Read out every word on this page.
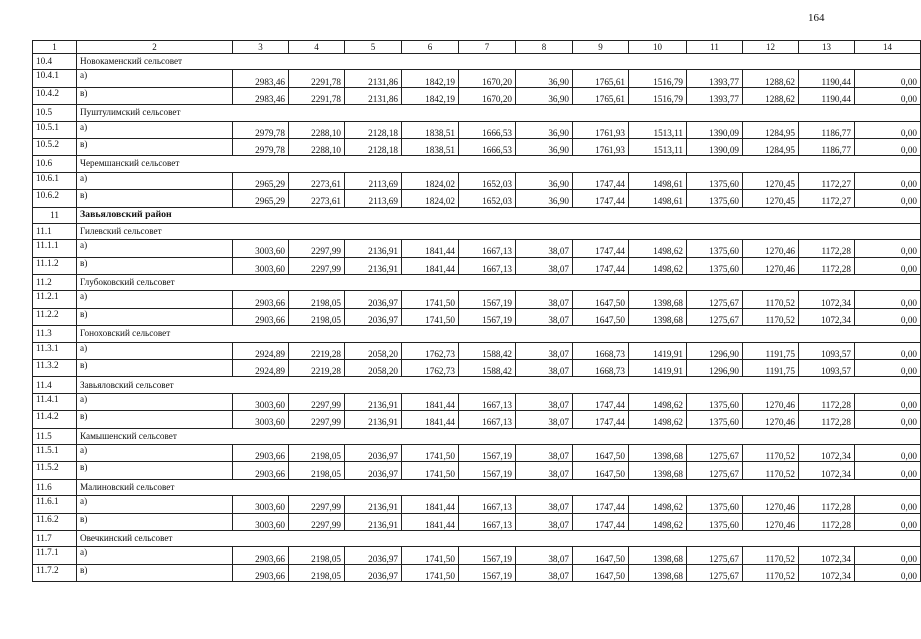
164
1	2	3	4	5	6	7	8	9	10	11	12	13	14
10.4	Новокаменский сельсовет												
10.4.1	а)	2983,46	2291,78	2131,86	1842,19	1670,20	36,90	1765,61	1516,79	1393,77	1288,62	1190,44	0,00
10.4.2	в)	2983,46	2291,78	2131,86	1842,19	1670,20	36,90	1765,61	1516,79	1393,77	1288,62	1190,44	0,00
10.5	Пуштулимский сельсовет												
10.5.1	а)	2979,78	2288,10	2128,18	1838,51	1666,53	36,90	1761,93	1513,11	1390,09	1284,95	1186,77	0,00
10.5.2	в)	2979,78	2288,10	2128,18	1838,51	1666,53	36,90	1761,93	1513,11	1390,09	1284,95	1186,77	0,00
10.6	Черемшанский сельсовет												
10.6.1	а)	2965,29	2273,61	2113,69	1824,02	1652,03	36,90	1747,44	1498,61	1375,60	1270,45	1172,27	0,00
10.6.2	в)	2965,29	2273,61	2113,69	1824,02	1652,03	36,90	1747,44	1498,61	1375,60	1270,45	1172,27	0,00
11	Завьяловский район												
11.1	Гилевский сельсовет												
11.1.1	а)	3003,60	2297,99	2136,91	1841,44	1667,13	38,07	1747,44	1498,62	1375,60	1270,46	1172,28	0,00
11.1.2	в)	3003,60	2297,99	2136,91	1841,44	1667,13	38,07	1747,44	1498,62	1375,60	1270,46	1172,28	0,00
11.2	Глубоковский сельсовет												
11.2.1	а)	2903,66	2198,05	2036,97	1741,50	1567,19	38,07	1647,50	1398,68	1275,67	1170,52	1072,34	0,00
11.2.2	в)	2903,66	2198,05	2036,97	1741,50	1567,19	38,07	1647,50	1398,68	1275,67	1170,52	1072,34	0,00
11.3	Гоноховский сельсовет												
11.3.1	а)	2924,89	2219,28	2058,20	1762,73	1588,42	38,07	1668,73	1419,91	1296,90	1191,75	1093,57	0,00
11.3.2	в)	2924,89	2219,28	2058,20	1762,73	1588,42	38,07	1668,73	1419,91	1296,90	1191,75	1093,57	0,00
11.4	Завьяловский сельсовет												
11.4.1	а)	3003,60	2297,99	2136,91	1841,44	1667,13	38,07	1747,44	1498,62	1375,60	1270,46	1172,28	0,00
11.4.2	в)	3003,60	2297,99	2136,91	1841,44	1667,13	38,07	1747,44	1498,62	1375,60	1270,46	1172,28	0,00
11.5	Камышенский сельсовет												
11.5.1	а)	2903,66	2198,05	2036,97	1741,50	1567,19	38,07	1647,50	1398,68	1275,67	1170,52	1072,34	0,00
11.5.2	в)	2903,66	2198,05	2036,97	1741,50	1567,19	38,07	1647,50	1398,68	1275,67	1170,52	1072,34	0,00
11.6	Малиновский сельсовет												
11.6.1	а)	3003,60	2297,99	2136,91	1841,44	1667,13	38,07	1747,44	1498,62	1375,60	1270,46	1172,28	0,00
11.6.2	в)	3003,60	2297,99	2136,91	1841,44	1667,13	38,07	1747,44	1498,62	1375,60	1270,46	1172,28	0,00
11.7	Овечкинский сельсовет												
11.7.1	а)	2903,66	2198,05	2036,97	1741,50	1567,19	38,07	1647,50	1398,68	1275,67	1170,52	1072,34	0,00
11.7.2	в)	2903,66	2198,05	2036,97	1741,50	1567,19	38,07	1647,50	1398,68	1275,67	1170,52	1072,34	0,00
